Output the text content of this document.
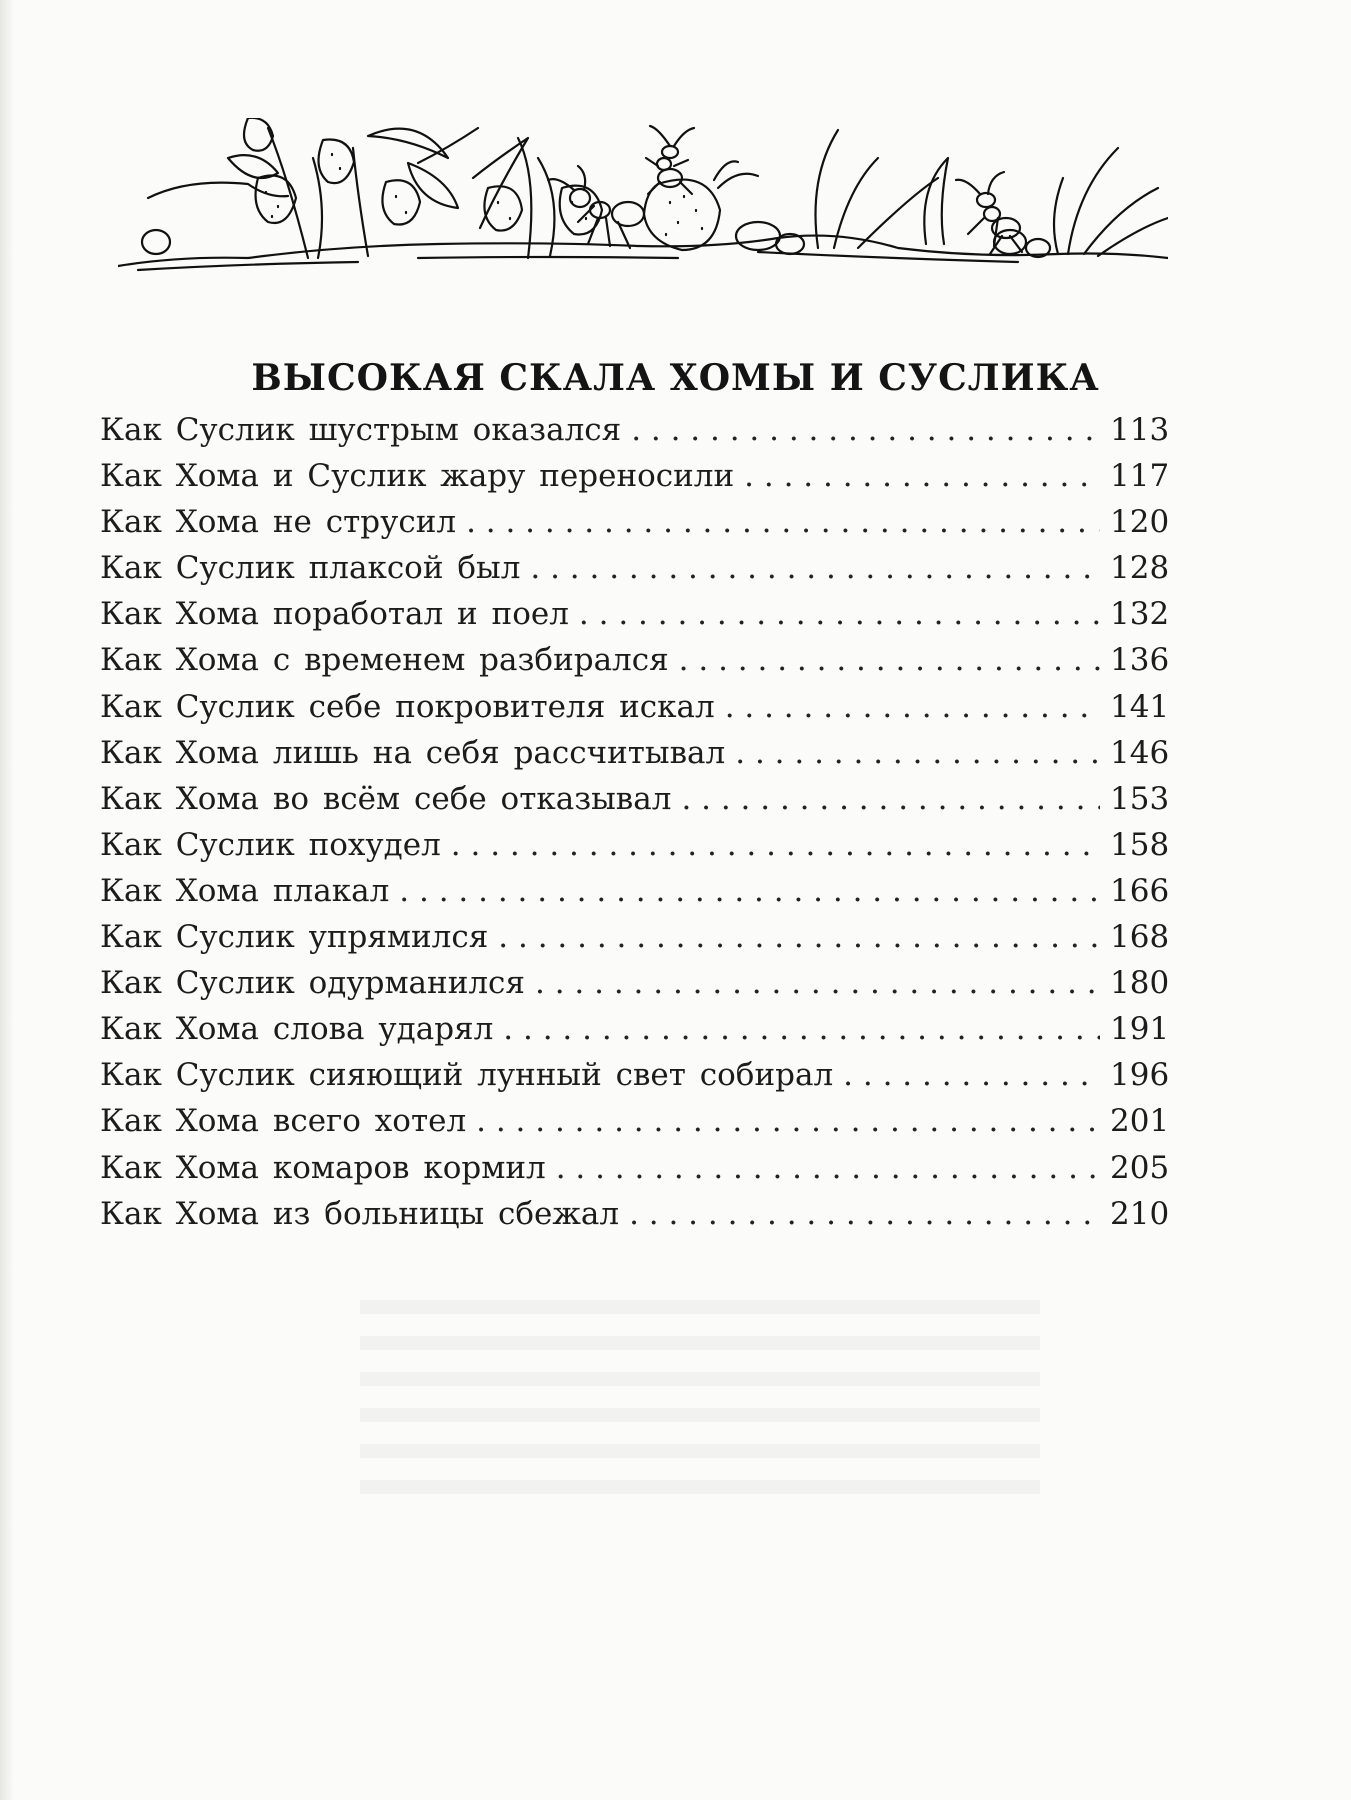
ВЫСОКАЯ СКАЛА ХОМЫ И СУСЛИКА
Как Суслик шустрым оказался . . .	113
Как Хома и Суслик жару переносили . . .	117
Как Хома не струсил . . .	120
Как Суслик плаксой был . . .	128
Как Хома поработал и поел . . .	132
Как Хома с временем разбирался . . .	136
Как Суслик себе покровителя искал . . .	141
Как Хома лишь на себя рассчитывал . . .	146
Как Хома во всём себе отказывал . . .	153
Как Суслик похудел . . .	158
Как Хома плакал . . .	166
Как Суслик упрямился . . .	168
Как Суслик одурманился . . .	180
Как Хома слова ударял . . .	191
Как Суслик сияющий лунный свет собирал . . .	196
Как Хома всего хотел . . .	201
Как Хома комаров кормил . . .	205
Как Хома из больницы сбежал . . .	210
